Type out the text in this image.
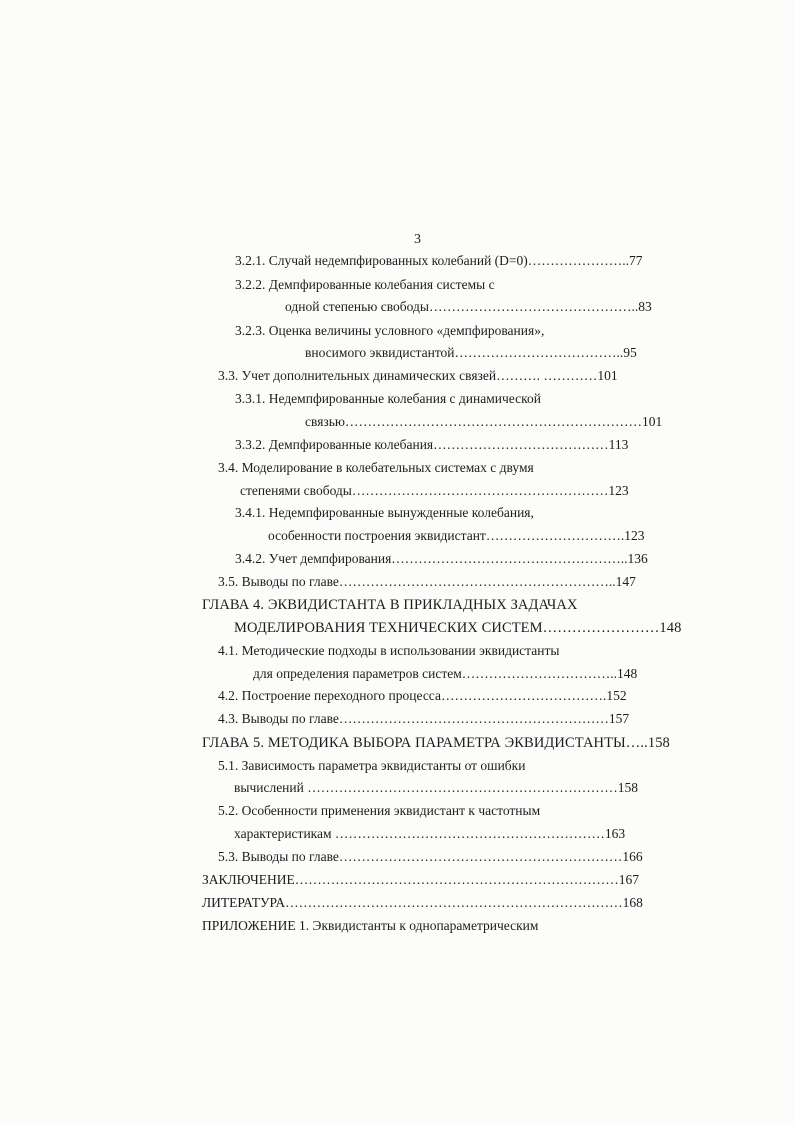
3
3.2.1. Случай недемпфированных колебаний (D=0)…………………..77
3.2.2. Демпфированные колебания системы с
одной степенью свободы………………………………………..83
3.2.3. Оценка величины условного «демпфирования»,
вносимого эквидистантой………………………………..95
3.3. Учет дополнительных динамических связей………. …………101
3.3.1. Недемпфированные колебания с динамической
связью…………………………………………………………101
3.3.2. Демпфированные колебания…………………………………113
3.4. Моделирование в колебательных системах с двумя
степенями свободы…………………………………………………123
3.4.1. Недемпфированные вынужденные колебания,
особенности построения эквидистант………………………….123
3.4.2. Учет демпфирования……………………………………………..136
3.5. Выводы по главе……………………………………………………..147
ГЛАВА 4. ЭКВИДИСТАНТА В ПРИКЛАДНЫХ ЗАДАЧАХ
МОДЕЛИРОВАНИЯ ТЕХНИЧЕСКИХ СИСТЕМ……………………148
4.1. Методические подходы в использовании эквидистанты
для определения параметров систем……………………………..148
4.2. Построение переходного процесса……………………………….152
4.3. Выводы по главе……………………………………………………157
ГЛАВА 5. МЕТОДИКА ВЫБОРА ПАРАМЕТРА ЭКВИДИСТАНТЫ…..158
5.1. Зависимость параметра эквидистанты от ошибки
вычислений ……………………………………………………………158
5.2. Особенности применения эквидистант к частотным
характеристикам ……………………………………………………163
5.3. Выводы по главе………………………………………………………166
ЗАКЛЮЧЕНИЕ………………………………………………………………167
ЛИТЕРАТУРА…………………………………………………………………168
ПРИЛОЖЕНИЕ 1. Эквидистанты к однопараметрическим
